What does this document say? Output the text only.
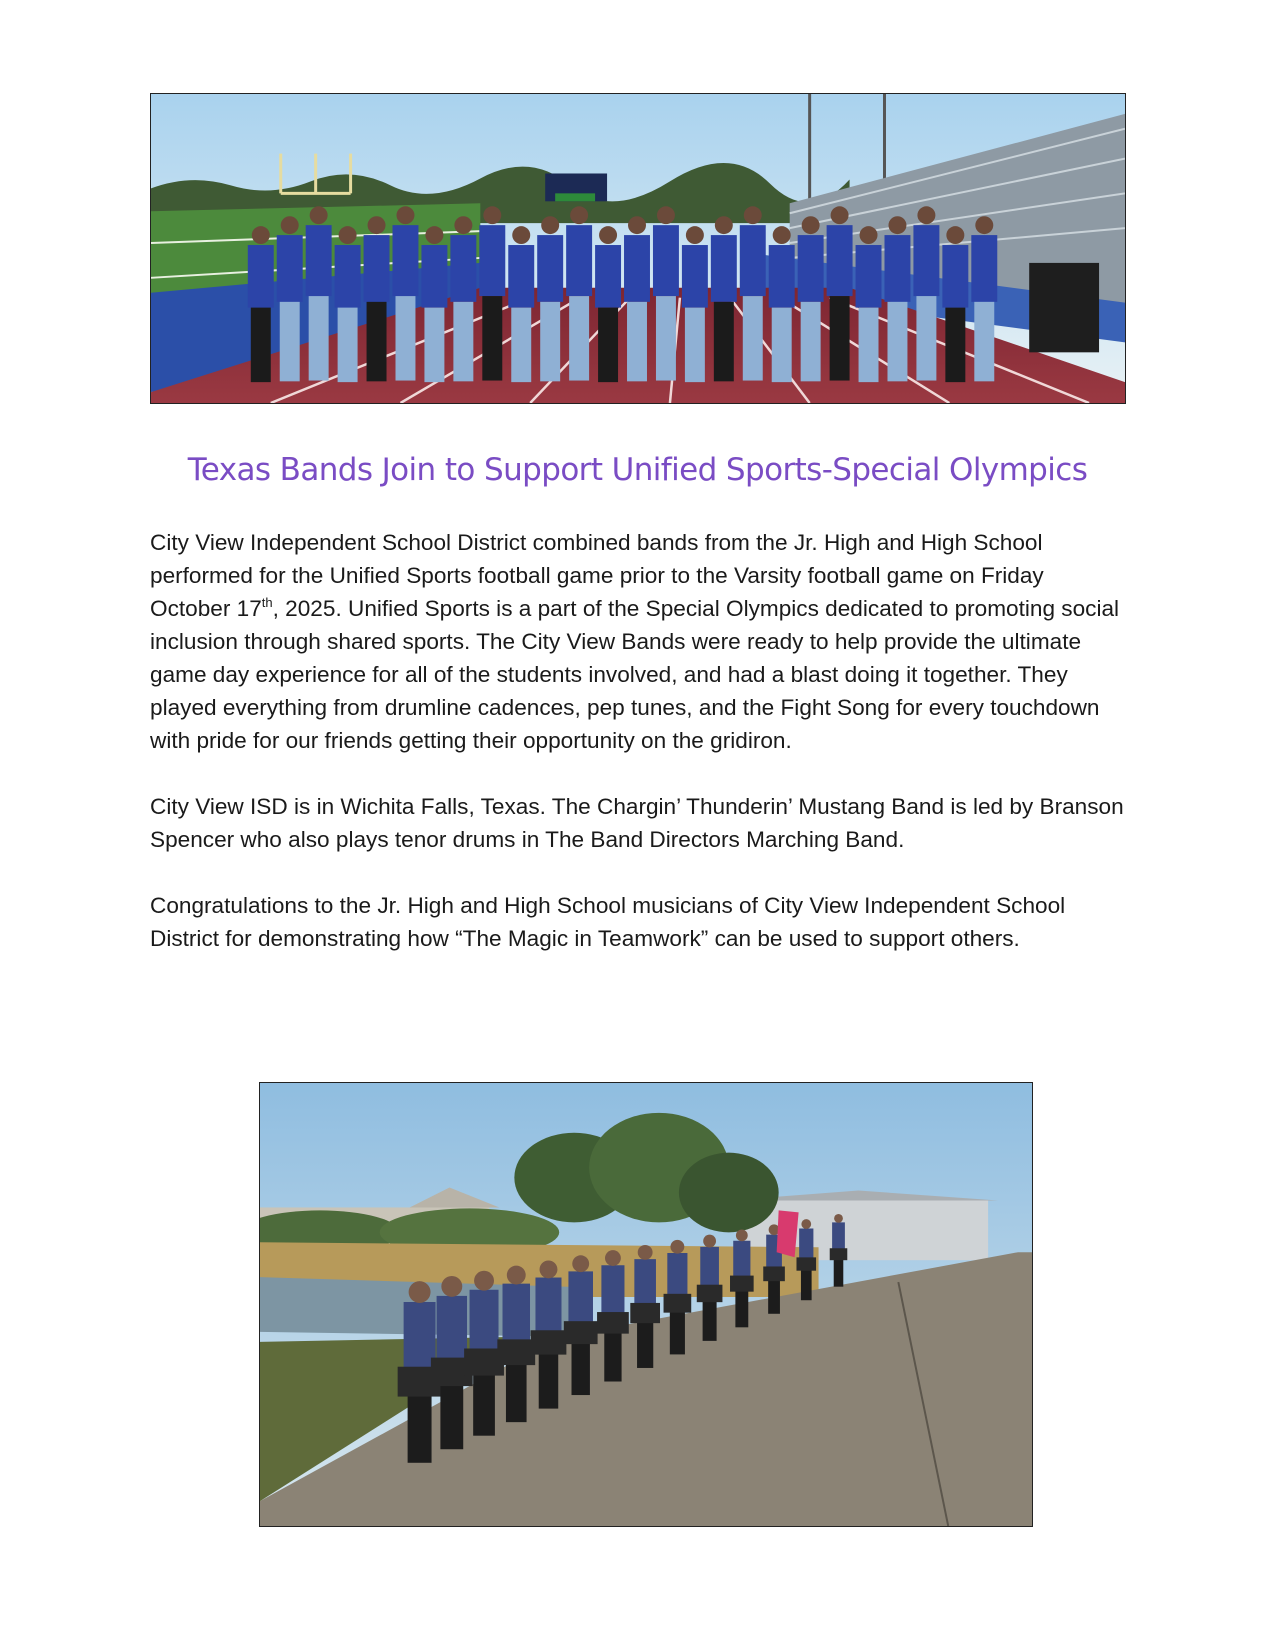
Texas Bands Join to Support Unified Sports-Special Olympics

City View Independent School District combined bands from the Jr. High and High School performed for the Unified Sports football game prior to the Varsity football game on Friday October 17th, 2025. Unified Sports is a part of the Special Olympics dedicated to promoting social inclusion through shared sports. The City View Bands were ready to help provide the ultimate game day experience for all of the students involved, and had a blast doing it together. They played everything from drumline cadences, pep tunes, and the Fight Song for every touchdown with pride for our friends getting their opportunity on the gridiron.

City View ISD is in Wichita Falls, Texas. The Chargin’ Thunderin’ Mustang Band is led by Branson Spencer who also plays tenor drums in The Band Directors Marching Band.

Congratulations to the Jr. High and High School musicians of City View Independent School District for demonstrating how “The Magic in Teamwork” can be used to support others.
